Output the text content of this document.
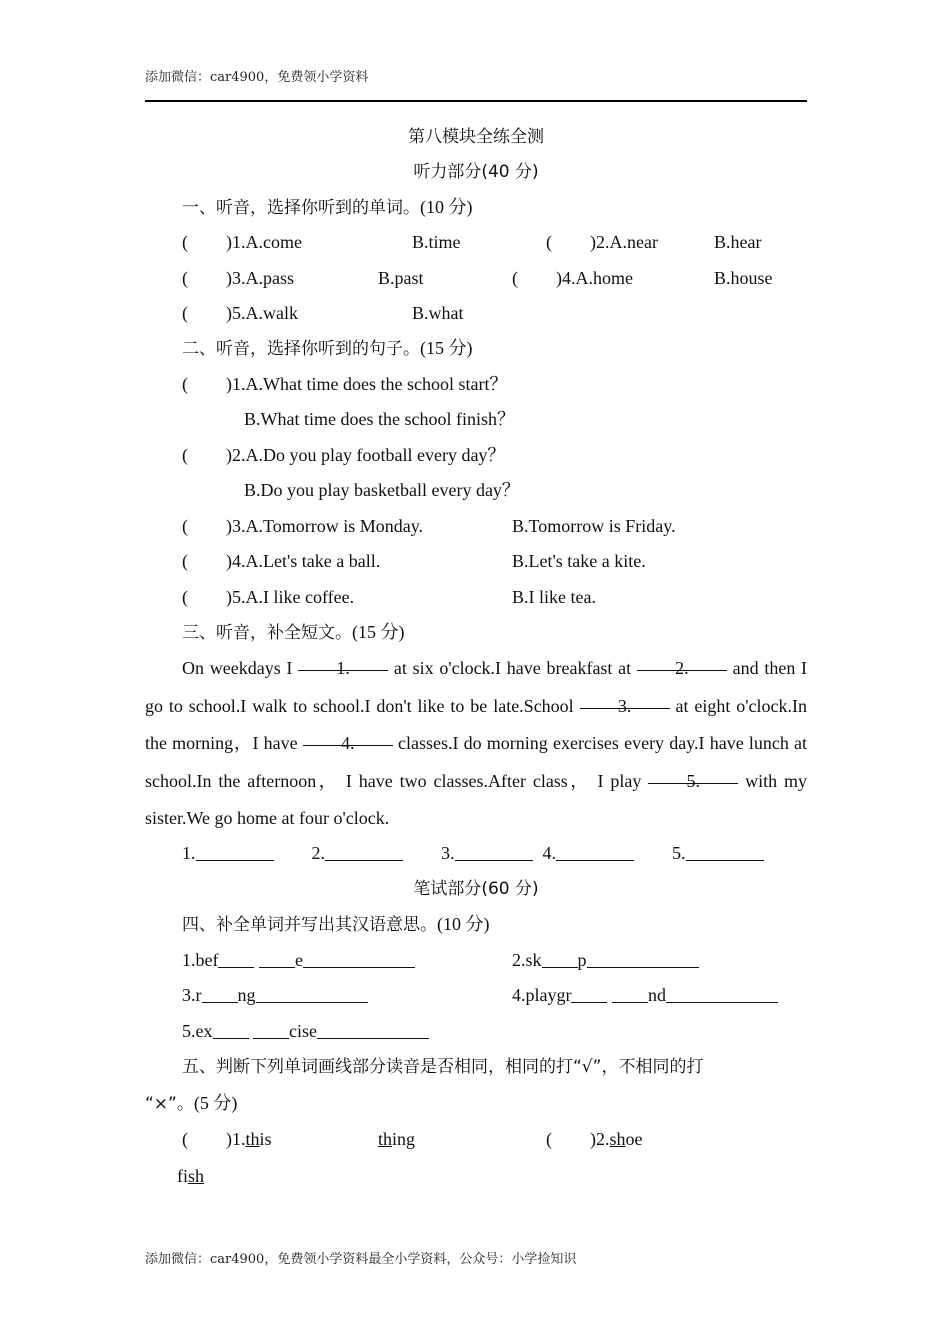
添加微信：car4900，免费领小学资料
第八模块全练全测
听力部分(40 分)
一、听音，选择你听到的单词。(10 分)
( )1.A.come	B.time	( )2.A.near	B.hear
( )3.A.pass	B.past	( )4.A.home	B.house
( )5.A.walk	B.what
二、听音，选择你听到的句子。(15 分)
( )1.A.What time does the school start？
B.What time does the school finish？
( )2.A.Do you play football every day？
B.Do you play basketball every day？
( )3.A.Tomorrow is Monday.	B.Tomorrow is Friday.
( )4.A.Let's take a ball.	B.Let's take a kite.
( )5.A.I like coffee.	B.I like tea.
三、听音，补全短文。(15 分)
On weekdays I 1. at six o'clock.I have breakfast at 2. and then I go to school.I walk to school.I don't like to be late.School 3. at eight o'clock.In the morning，I have 4. classes.I do morning exercises every day.I have lunch at school.In the afternoon， I have two classes.After class， I play	5.	with my sister.We go home at four o'clock.
1.	2.	3.	4.	5.
笔试部分(60 分)
四、补全单词并写出其汉语意思。(10 分)
1.bef	e	2.sk p
3.r ng	4.playgr	nd
5.ex	cise
五、判断下列单词画线部分读音是否相同，相同的打“√”，不相同的打
“×”。(5 分)
( )1.this	thing	( )2.shoe
fish
添加微信：car4900，免费领小学资料最全小学资料，公众号：小学捡知识
